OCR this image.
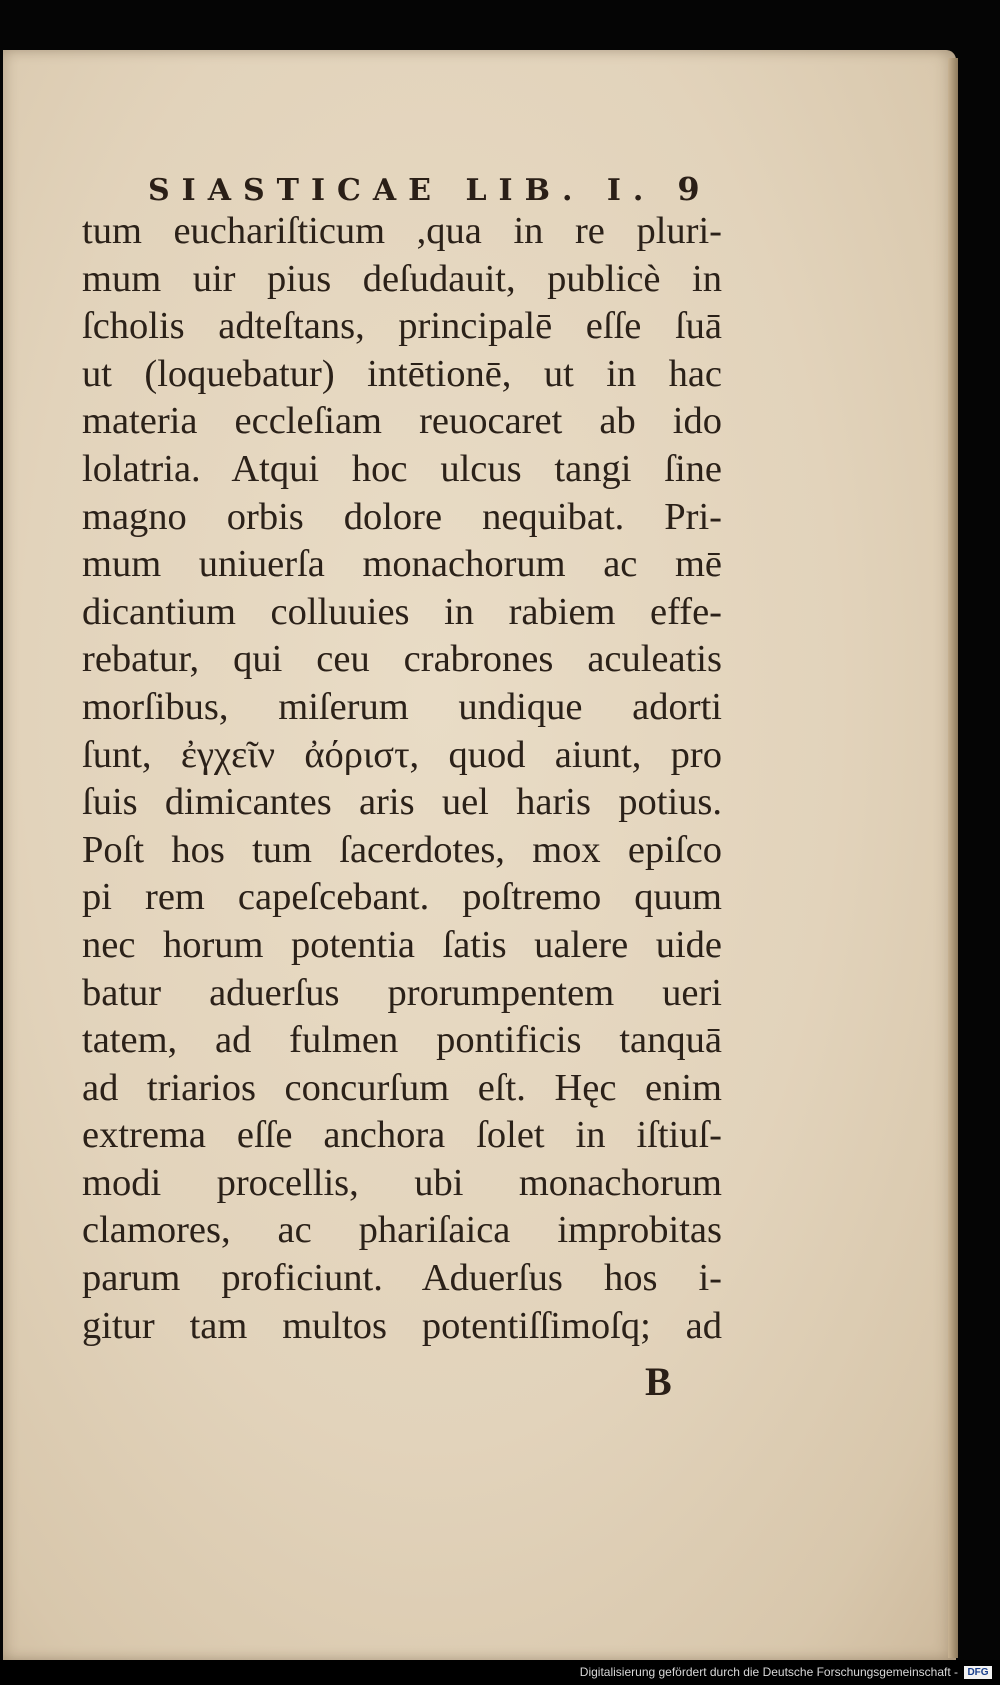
SIASTICAE LIB. I. 9
tum euchariſticum ,qua in re pluri-
mum uir pius deſudauit, publicè in
ſcholis adteſtans, principalē eſſe ſuā
ut (loquebatur) intētionē, ut in hac
materia eccleſiam reuocaret ab ido
lolatria. Atqui hoc ulcus tangi ſine
magno orbis dolore nequibat. Pri-
mum uniuerſa monachorum ac mē
dicantium colluuies in rabiem effe-
rebatur, qui ceu crabrones aculeatis
morſibus, miſerum undique adorti
ſunt, ἐγχεῖν ἀόριστ, quod aiunt, pro
ſuis dimicantes aris uel haris potius.
Poſt hos tum ſacerdotes, mox epiſco
pi rem capeſcebant. poſtremo quum
nec horum potentia ſatis ualere uide
batur aduerſus prorumpentem ueri
tatem, ad fulmen pontificis tanquā
ad triarios concurſum eſt. Hęc enim
extrema eſſe anchora ſolet in iſtiuſ-
modi procellis, ubi monachorum
clamores, ac phariſaica improbitas
parum proficiunt. Aduerſus hos i-
gitur tam multos potentiſſimoſq; ad
B
Digitalisierung gefördert durch die Deutsche Forschungsgemeinschaft - DFG
